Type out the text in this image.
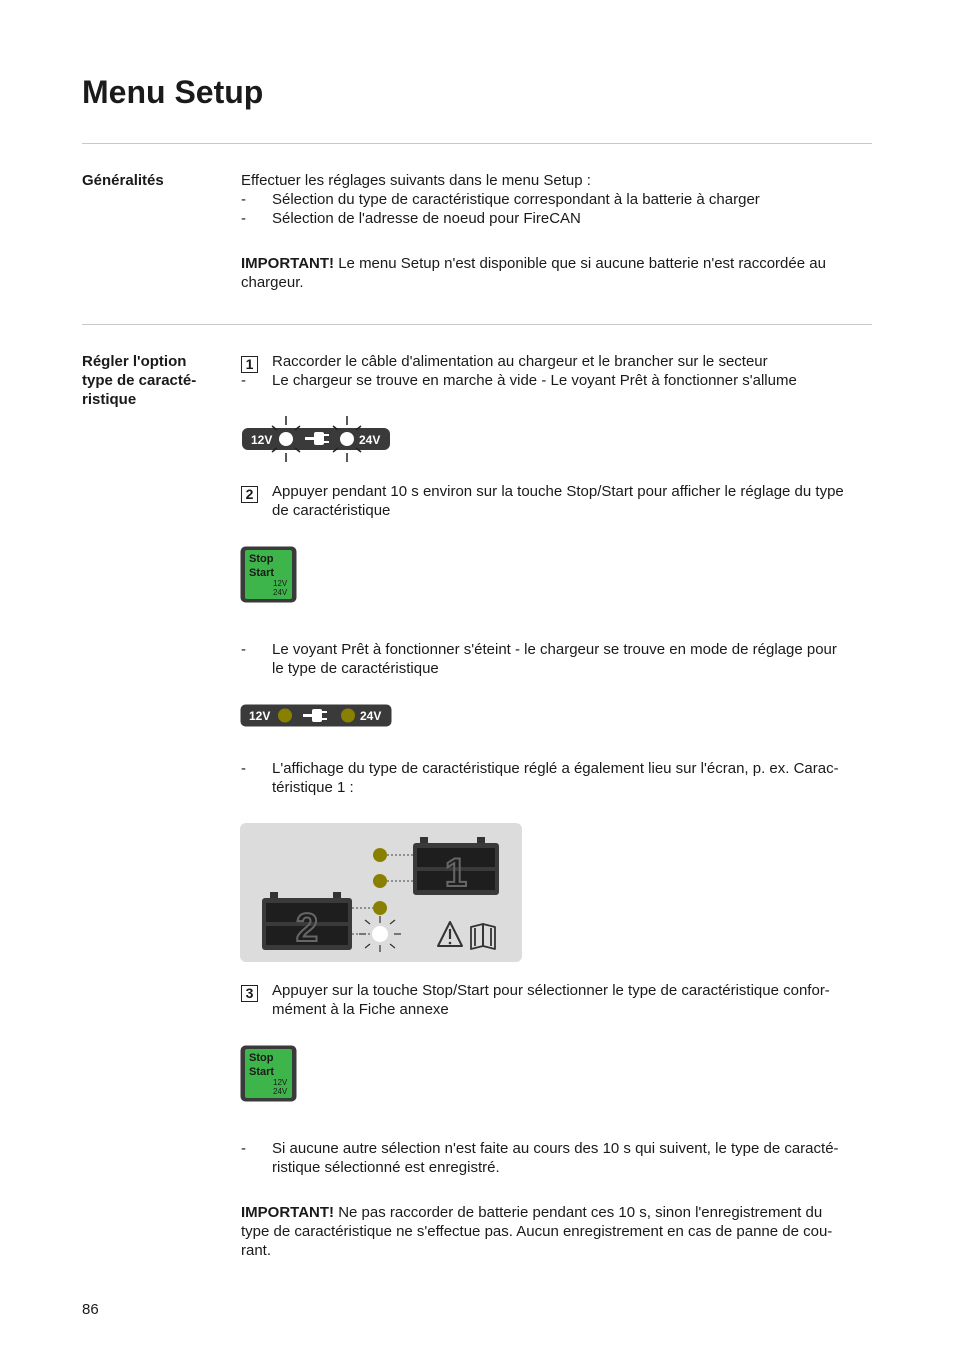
Menu Setup
Généralités	Effectuer les réglages suivants dans le menu Setup :
- Sélection du type de caractéristique correspondant à la batterie à charger
- Sélection de l'adresse de noeud pour FireCAN
IMPORTANT! Le menu Setup n'est disponible que si aucune batterie n'est raccordée au
chargeur.
Régler l'option
type de caracté-
ristique
1	Raccorder le câble d'alimentation au chargeur et le brancher sur le secteur
- Le chargeur se trouve en marche à vide - Le voyant Prêt à fonctionner s'allume
12V	24V
2	Appuyer pendant 10 s environ sur la touche Stop/Start pour afficher le réglage du type
de caractéristique
Stop
Start
12V
24V
- Le voyant Prêt à fonctionner s'éteint - le chargeur se trouve en mode de réglage pour
le type de caractéristique
12V	24V
- L'affichage du type de caractéristique réglé a également lieu sur l'écran, p. ex. Carac-
téristique 1 :
1
2
3	Appuyer sur la touche Stop/Start pour sélectionner le type de caractéristique confor-
mément à la Fiche annexe
Stop
Start
12V
24V
- Si aucune autre sélection n'est faite au cours des 10 s qui suivent, le type de caracté-
ristique sélectionné est enregistré.
IMPORTANT! Ne pas raccorder de batterie pendant ces 10 s, sinon l'enregistrement du
type de caractéristique ne s'effectue pas. Aucun enregistrement en cas de panne de cou-
rant.
86
